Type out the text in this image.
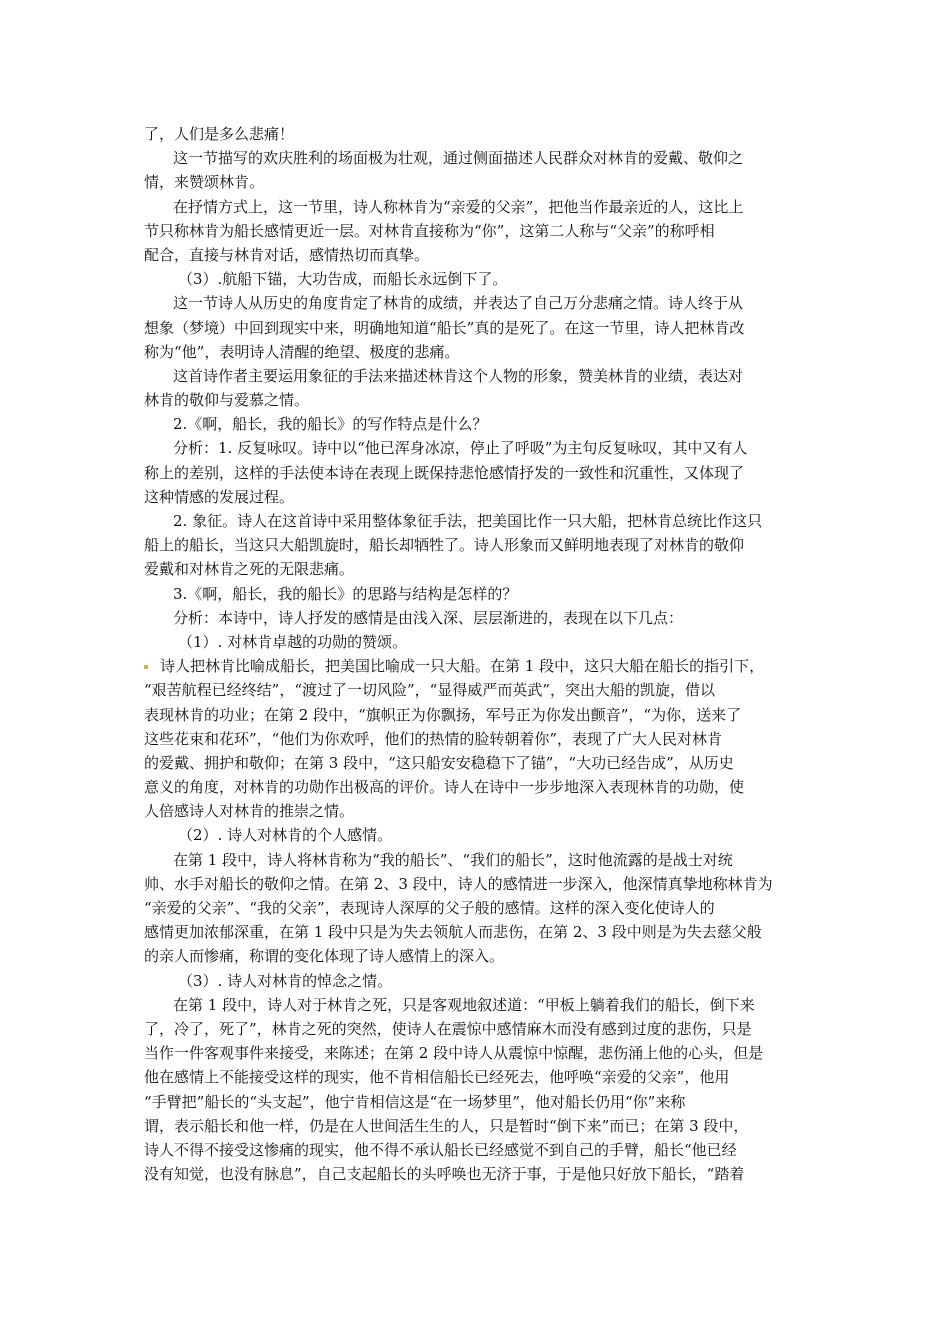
了，人们是多么悲痛！
这一节描写的欢庆胜利的场面极为壮观，通过侧面描述人民群众对林肯的爱戴、敬仰之
情，来赞颂林肯。
在抒情方式上，这一节里，诗人称林肯为“亲爱的父亲”，把他当作最亲近的人，这比上
节只称林肯为船长感情更近一层。对林肯直接称为“你”，这第二人称与“父亲”的称呼相
配合，直接与林肯对话，感情热切而真挚。
（3）.航船下锚，大功告成，而船长永远倒下了。
这一节诗人从历史的角度肯定了林肯的成绩，并表达了自己万分悲痛之情。诗人终于从
想象（梦境）中回到现实中来，明确地知道“船长”真的是死了。在这一节里，诗人把林肯改
称为“他”，表明诗人清醒的绝望、极度的悲痛。
这首诗作者主要运用象征的手法来描述林肯这个人物的形象，赞美林肯的业绩，表达对
林肯的敬仰与爱慕之情。
2.《啊，船长，我的船长》的写作特点是什么？
分析：1. 反复咏叹。诗中以“他已浑身冰凉，停止了呼吸”为主句反复咏叹，其中又有人
称上的差别，这样的手法使本诗在表现上既保持悲怆感情抒发的一致性和沉重性，又体现了
这种情感的发展过程。
2. 象征。诗人在这首诗中采用整体象征手法，把美国比作一只大船，把林肯总统比作这只
船上的船长，当这只大船凯旋时，船长却牺牲了。诗人形象而又鲜明地表现了对林肯的敬仰
爱戴和对林肯之死的无限悲痛。
3.《啊，船长，我的船长》的思路与结构是怎样的？
分析：本诗中，诗人抒发的感情是由浅入深、层层渐进的，表现在以下几点：
（1）. 对林肯卓越的功勋的赞颂。
诗人把林肯比喻成船长，把美国比喻成一只大船。在第 1 段中，这只大船在船长的指引下，
“艰苦航程已经终结”，“渡过了一切风险”，“显得威严而英武”，突出大船的凯旋，借以
表现林肯的功业；在第 2 段中，“旗帜正为你飘扬，军号正为你发出颤音”，“为你，送来了
这些花束和花环”，“他们为你欢呼，他们的热情的脸转朝着你”，表现了广大人民对林肯
的爱戴、拥护和敬仰；在第 3 段中，“这只船安安稳稳下了锚”，“大功已经告成”，从历史
意义的角度，对林肯的功勋作出极高的评价。诗人在诗中一步步地深入表现林肯的功勋，使
人倍感诗人对林肯的推崇之情。
（2）. 诗人对林肯的个人感情。
在第 1 段中，诗人将林肯称为“我的船长”、“我们的船长”，这时他流露的是战士对统
帅、水手对船长的敬仰之情。在第 2、3 段中，诗人的感情进一步深入，他深情真挚地称林肯为
“亲爱的父亲”、“我的父亲”，表现诗人深厚的父子般的感情。这样的深入变化使诗人的
感情更加浓郁深重，在第 1 段中只是为失去领航人而悲伤，在第 2、3 段中则是为失去慈父般
的亲人而惨痛，称谓的变化体现了诗人感情上的深入。
（3）. 诗人对林肯的悼念之情。
在第 1 段中，诗人对于林肯之死，只是客观地叙述道：“甲板上躺着我们的船长，倒下来
了，冷了，死了”，林肯之死的突然，使诗人在震惊中感情麻木而没有感到过度的悲伤，只是
当作一件客观事件来接受，来陈述；在第 2 段中诗人从震惊中惊醒，悲伤涌上他的心头，但是
他在感情上不能接受这样的现实，他不肯相信船长已经死去，他呼唤“亲爱的父亲”，他用
“手臂把”船长的“头支起”，他宁肯相信这是“在一场梦里”，他对船长仍用“你”来称
谓，表示船长和他一样，仍是在人世间活生生的人，只是暂时“倒下来”而已；在第 3 段中，
诗人不得不接受这惨痛的现实，他不得不承认船长已经感觉不到自己的手臂，船长“他已经
没有知觉，也没有脉息”，自己支起船长的头呼唤也无济于事，于是他只好放下船长，“踏着
